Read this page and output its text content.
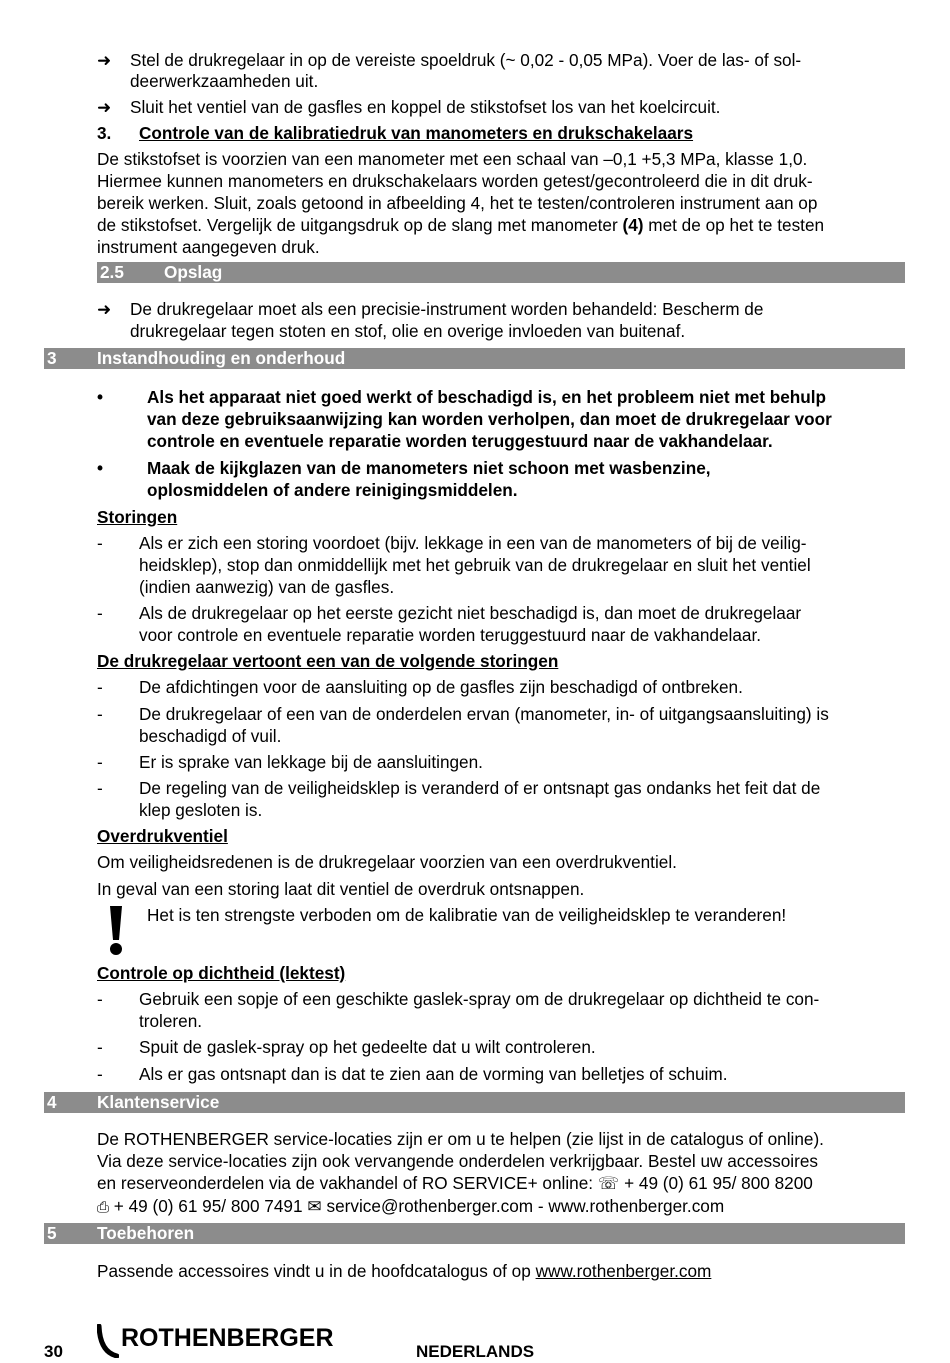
➜ Stel de drukregelaar in op de vereiste spoeldruk (~ 0,02 - 0,05 MPa). Voer de las- of sol-
deerwerkzaamheden uit.
➜ Sluit het ventiel van de gasfles en koppel de stikstofset los van het koelcircuit.
3. Controle van de kalibratiedruk van manometers en drukschakelaars
De stikstofset is voorzien van een manometer met een schaal van –0,1 +5,3 MPa, klasse 1,0.
Hiermee kunnen manometers en drukschakelaars worden getest/gecontroleerd die in dit druk-
bereik werken. Sluit, zoals getoond in afbeelding 4, het te testen/controleren instrument aan op
de stikstofset. Vergelijk de uitgangsdruk op de slang met manometer (4) met de op het te testen
instrument aangegeven druk.
2.5 Opslag
➜ De drukregelaar moet als een precisie-instrument worden behandeld: Bescherm de
drukregelaar tegen stoten en stof, olie en overige invloeden van buitenaf.
3 Instandhouding en onderhoud
•	Als het apparaat niet goed werkt of beschadigd is, en het probleem niet met behulp
van deze gebruiksaanwijzing kan worden verholpen, dan moet de drukregelaar voor
controle en eventuele reparatie worden teruggestuurd naar de vakhandelaar.
•	Maak de kijkglazen van de manometers niet schoon met wasbenzine,
oplosmiddelen of andere reinigingsmiddelen.
Storingen
- Als er zich een storing voordoet (bijv. lekkage in een van de manometers of bij de veilig-
heidsklep), stop dan onmiddellijk met het gebruik van de drukregelaar en sluit het ventiel
(indien aanwezig) van de gasfles.
- Als de drukregelaar op het eerste gezicht niet beschadigd is, dan moet de drukregelaar
voor controle en eventuele reparatie worden teruggestuurd naar de vakhandelaar.
De drukregelaar vertoont een van de volgende storingen
- De afdichtingen voor de aansluiting op de gasfles zijn beschadigd of ontbreken.
- De drukregelaar of een van de onderdelen ervan (manometer, in- of uitgangsaansluiting) is
beschadigd of vuil.
- Er is sprake van lekkage bij de aansluitingen.
- De regeling van de veiligheidsklep is veranderd of er ontsnapt gas ondanks het feit dat de
klep gesloten is.
Overdrukventiel
Om veiligheidsredenen is de drukregelaar voorzien van een overdrukventiel.
In geval van een storing laat dit ventiel de overdruk ontsnappen.
Het is ten strengste verboden om de kalibratie van de veiligheidsklep te veranderen!
Controle op dichtheid (lektest)
- Gebruik een sopje of een geschikte gaslek-spray om de drukregelaar op dichtheid te con-
troleren.
- Spuit de gaslek-spray op het gedeelte dat u wilt controleren.
- Als er gas ontsnapt dan is dat te zien aan de vorming van belletjes of schuim.
4 Klantenservice
De ROTHENBERGER service-locaties zijn er om u te helpen (zie lijst in de catalogus of online).
Via deze service-locaties zijn ook vervangende onderdelen verkrijgbaar. Bestel uw accessoires
en reserveonderdelen via de vakhandel of RO SERVICE+ online: ☏ + 49 (0) 61 95/ 800 8200
⎙ + 49 (0) 61 95/ 800 7491 ✉ service@rothenberger.com - www.rothenberger.com
5 Toebehoren
Passende accessoires vindt u in de hoofdcatalogus of op www.rothenberger.com
30 ROTHENBERGER	NEDERLANDS
